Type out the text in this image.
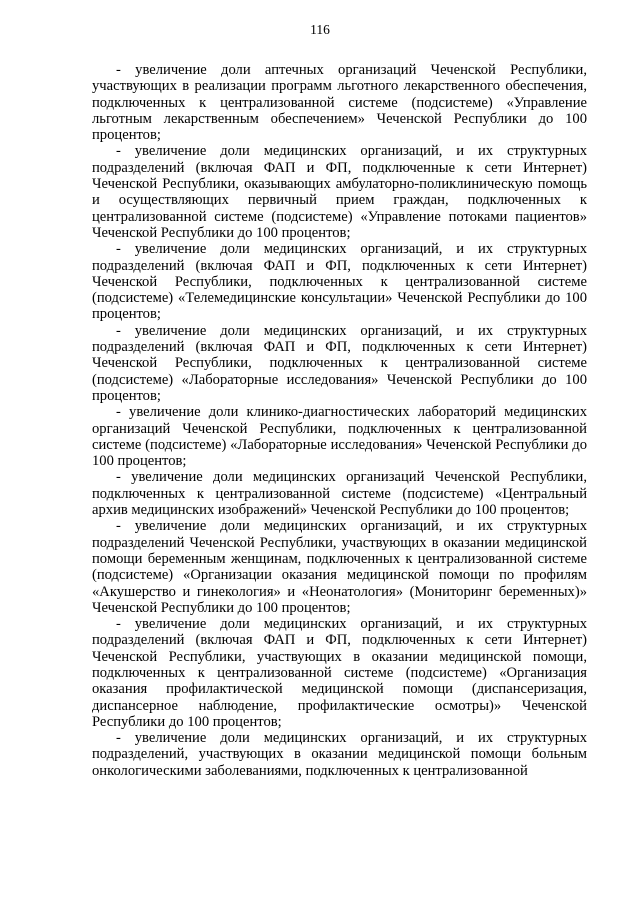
116

- увеличение доли аптечных организаций Чеченской Республики, участвующих в реализации программ льготного лекарственного обеспечения, подключенных к централизованной системе (подсистеме) «Управление льготным лекарственным обеспечением» Чеченской Республики до 100 процентов;

- увеличение доли медицинских организаций, и их структурных подразделений (включая ФАП и ФП, подключенные к сети Интернет) Чеченской Республики, оказывающих амбулаторно-поликлиническую помощь и осуществляющих первичный прием граждан, подключенных к централизованной системе (подсистеме) «Управление потоками пациентов» Чеченской Республики до 100 процентов;

- увеличение доли медицинских организаций, и их структурных подразделений (включая ФАП и ФП, подключенных к сети Интернет) Чеченской Республики, подключенных к централизованной системе (подсистеме) «Телемедицинские консультации» Чеченской Республики до 100 процентов;

- увеличение доли медицинских организаций, и их структурных подразделений (включая ФАП и ФП, подключенных к сети Интернет) Чеченской Республики, подключенных к централизованной системе (подсистеме) «Лабораторные исследования» Чеченской Республики до 100 процентов;

- увеличение доли клинико-диагностических лабораторий медицинских организаций Чеченской Республики, подключенных к централизованной системе (подсистеме) «Лабораторные исследования» Чеченской Республики до 100 процентов;

- увеличение доли медицинских организаций Чеченской Республики, подключенных к централизованной системе (подсистеме) «Центральный архив медицинских изображений» Чеченской Республики до 100 процентов;

- увеличение доли медицинских организаций, и их структурных подразделений Чеченской Республики, участвующих в оказании медицинской помощи беременным женщинам, подключенных к централизованной системе (подсистеме) «Организации оказания медицинской помощи по профилям «Акушерство и гинекология» и «Неонатология» (Мониторинг беременных)» Чеченской Республики до 100 процентов;

- увеличение доли медицинских организаций, и их структурных подразделений (включая ФАП и ФП, подключенных к сети Интернет) Чеченской Республики, участвующих в оказании медицинской помощи, подключенных к централизованной системе (подсистеме) «Организация оказания профилактической медицинской помощи (диспансеризация, диспансерное наблюдение, профилактические осмотры)» Чеченской Республики до 100 процентов;

- увеличение доли медицинских организаций, и их структурных подразделений, участвующих в оказании медицинской помощи больным онкологическими заболеваниями, подключенных к централизованной
